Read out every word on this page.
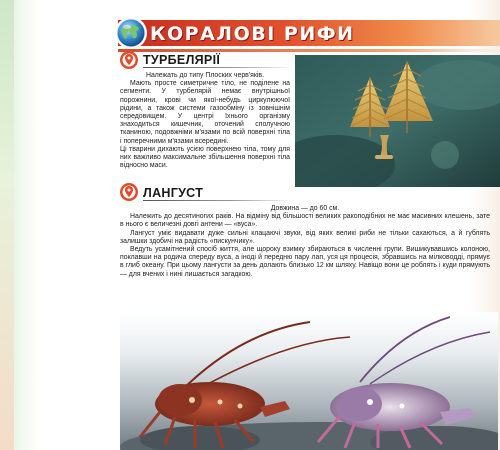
КОРАЛОВІ РИФИ
ТУРБЕЛЯРІЇ

Належать до типу Плоских черв'яків.

Мають просте симетричне тіло, не поділене на сегменти. У турбелярій немає внутрішньої порожнини, крові чи якої-небудь циркулюючої рідини, а також системи газообміну із зовнішнім середовищем. У центрі їхнього організму знаходиться кишечник, оточений сполучною тканиною, подовжніми м'язами по всій поверхні тіла і поперечними м'язами всередині.

Ці тварини дихають усією поверхнею тіла, тому для них важливо максимальне збільшення поверхні тіла відносно маси.

ЛАНГУСТ

Довжина — до 60 см.

Належить до десятиногих раків. На відміну від більшості великих ракоподібних не має масивних клешень, зате в нього є величезні довгі антени — «вуса».

Лангуст уміє видавати дуже сильні клацаючі звуки, від яких великі риби не тільки сахаються, а й гублять залишки здобичі на радість «пискунчику».

Ведуть усамітнений спосіб життя, але щороку взимку збираються в численні групи. Вишикувавшись колоною, поклавши на родича спереду вуса, а іноді й передню пару лап, уся ця процесія, збравшись на мілководді, прямує в глиб океану. При цьому лангусти за день долають близько 12 км шляху. Навіщо вони це роблять і куди прямують — для вчених і нині лишається загадкою.
